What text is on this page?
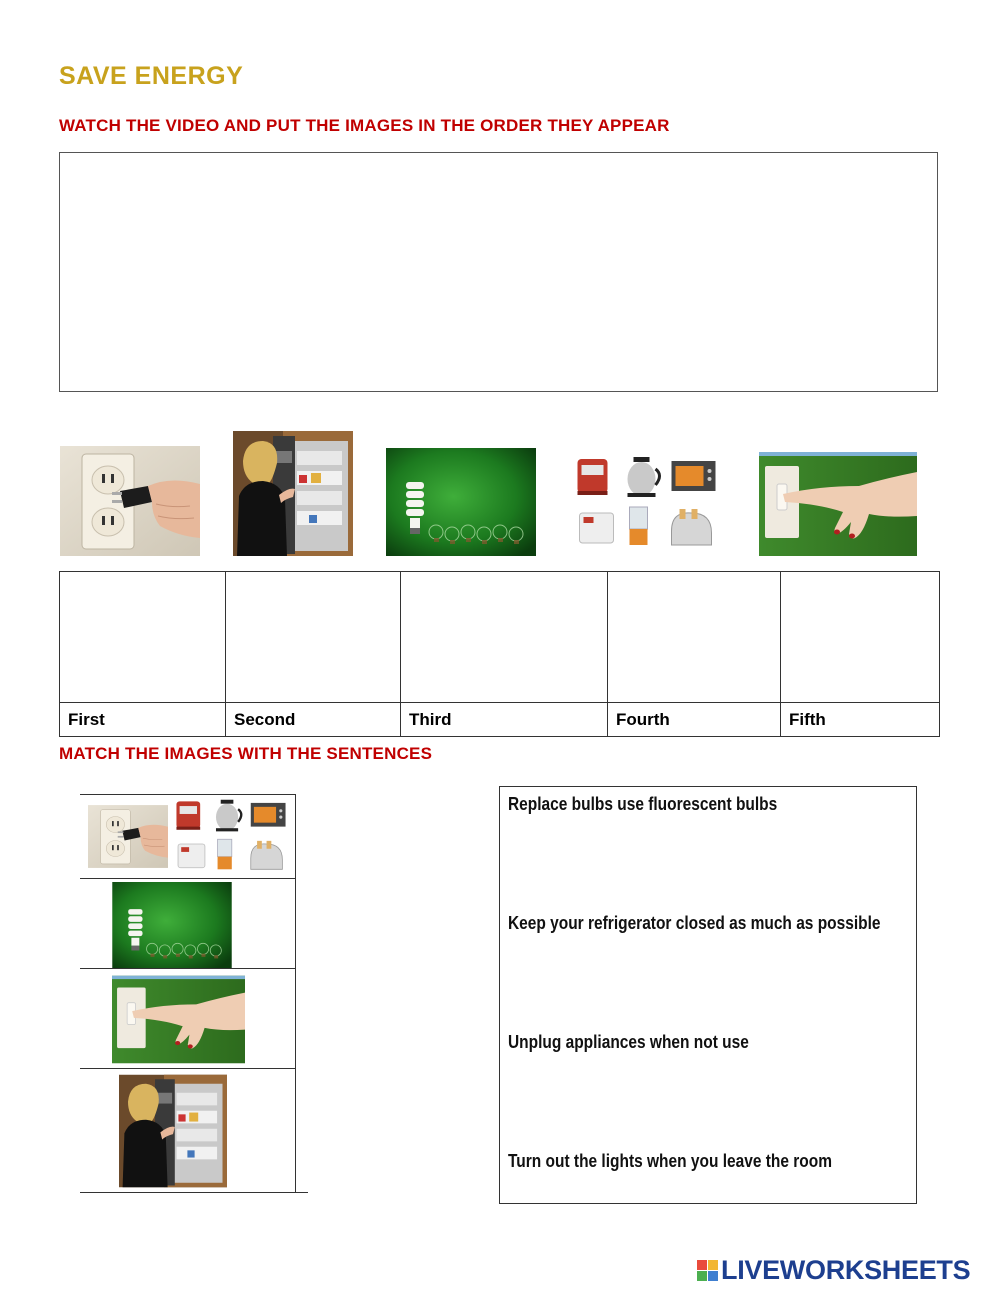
SAVE ENERGY
WATCH THE VIDEO AND PUT THE IMAGES IN THE ORDER THEY APPEAR

First	Second	Third	Fourth	Fifth
MATCH THE IMAGES WITH THE SENTENCES
Replace bulbs use fluorescent bulbs
Keep your refrigerator closed as much as possible
Unplug appliances when not use
Turn out the lights when you leave the room
LIVEWORKSHEETS
